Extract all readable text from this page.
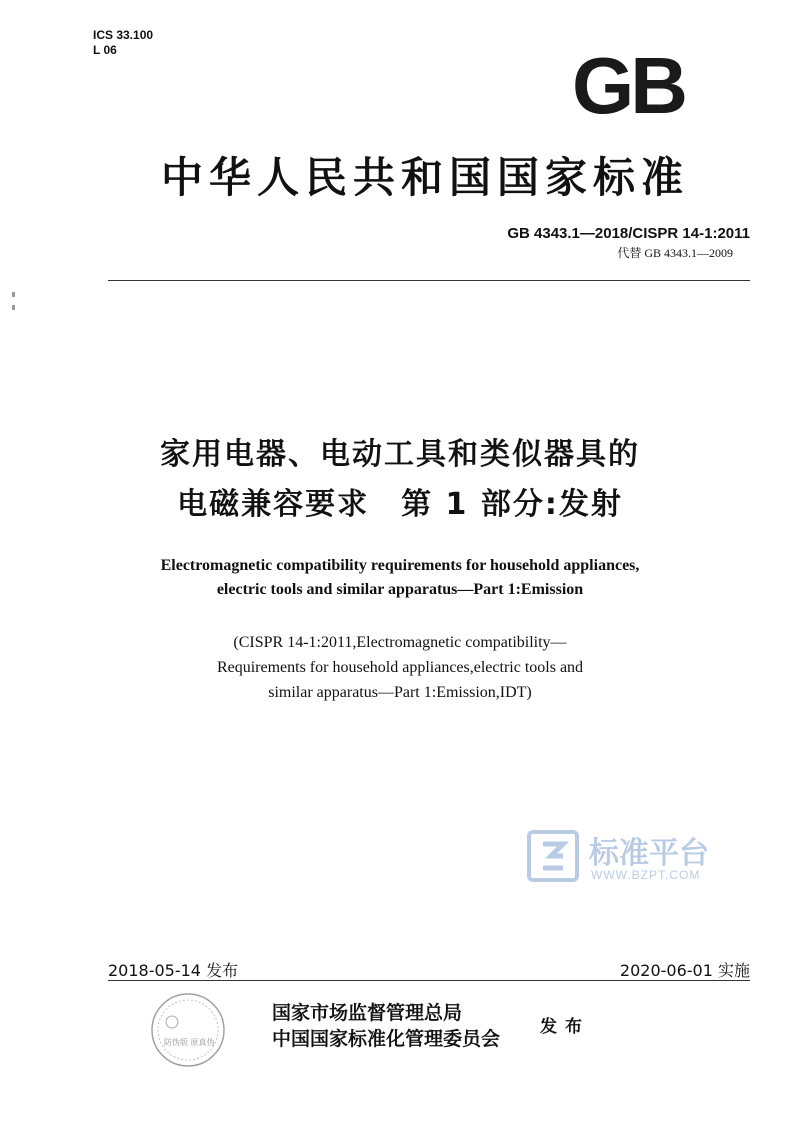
ICS 33.100
L 06	GB
中华人民共和国国家标准
GB 4343.1—2018/CISPR 14-1:2011
代替 GB 4343.1—2009
家用电器、电动工具和类似器具的
电磁兼容要求　第 1 部分:发射
Electromagnetic compatibility requirements for household appliances,
electric tools and similar apparatus—Part 1:Emission
(CISPR 14-1:2011,Electromagnetic compatibility—
Requirements for household appliances,electric tools and
similar apparatus—Part 1:Emission,IDT)
标准平台
WWW.BZPT.COM
2018-05-14 发布	2020-06-01 实施
防伪版 原真伪
国家市场监督管理总局
中国国家标准化管理委员会
发布
